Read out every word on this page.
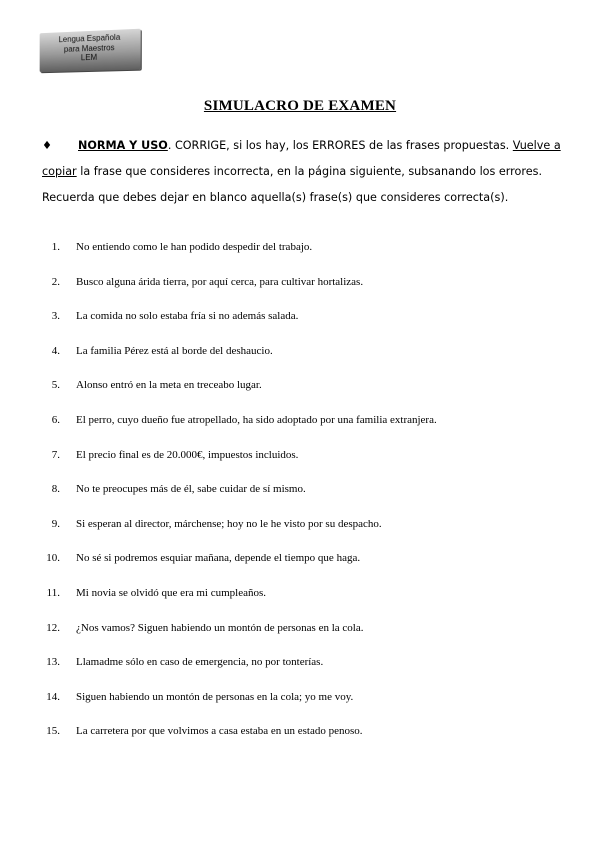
Lengua Española
para Maestros
LEM
SIMULACRO DE EXAMEN

♦ NORMA Y USO. CORRIGE, si los hay, los ERRORES de las frases propuestas. Vuelve a copiar la frase que consideres incorrecta, en la página siguiente, subsanando los errores. Recuerda que debes dejar en blanco aquella(s) frase(s) que consideres correcta(s).

1. No entiendo como le han podido despedir del trabajo.
2. Busco alguna árida tierra, por aquí cerca, para cultivar hortalizas.
3. La comida no solo estaba fría si no además salada.
4. La familia Pérez está al borde del deshaucio.
5. Alonso entró en la meta en treceabo lugar.
6. El perro, cuyo dueño fue atropellado, ha sido adoptado por una familia extranjera.
7. El precio final es de 20.000€, impuestos incluidos.
8. No te preocupes más de él, sabe cuidar de sí mismo.
9. Si esperan al director, márchense; hoy no le he visto por su despacho.
10. No sé si podremos esquiar mañana, depende el tiempo que haga.
11. Mi novia se olvidó que era mi cumpleaños.
12. ¿Nos vamos? Siguen habiendo un montón de personas en la cola.
13. Llamadme sólo en caso de emergencia, no por tonterías.
14. Siguen habiendo un montón de personas en la cola; yo me voy.
15. La carretera por que volvimos a casa estaba en un estado penoso.
